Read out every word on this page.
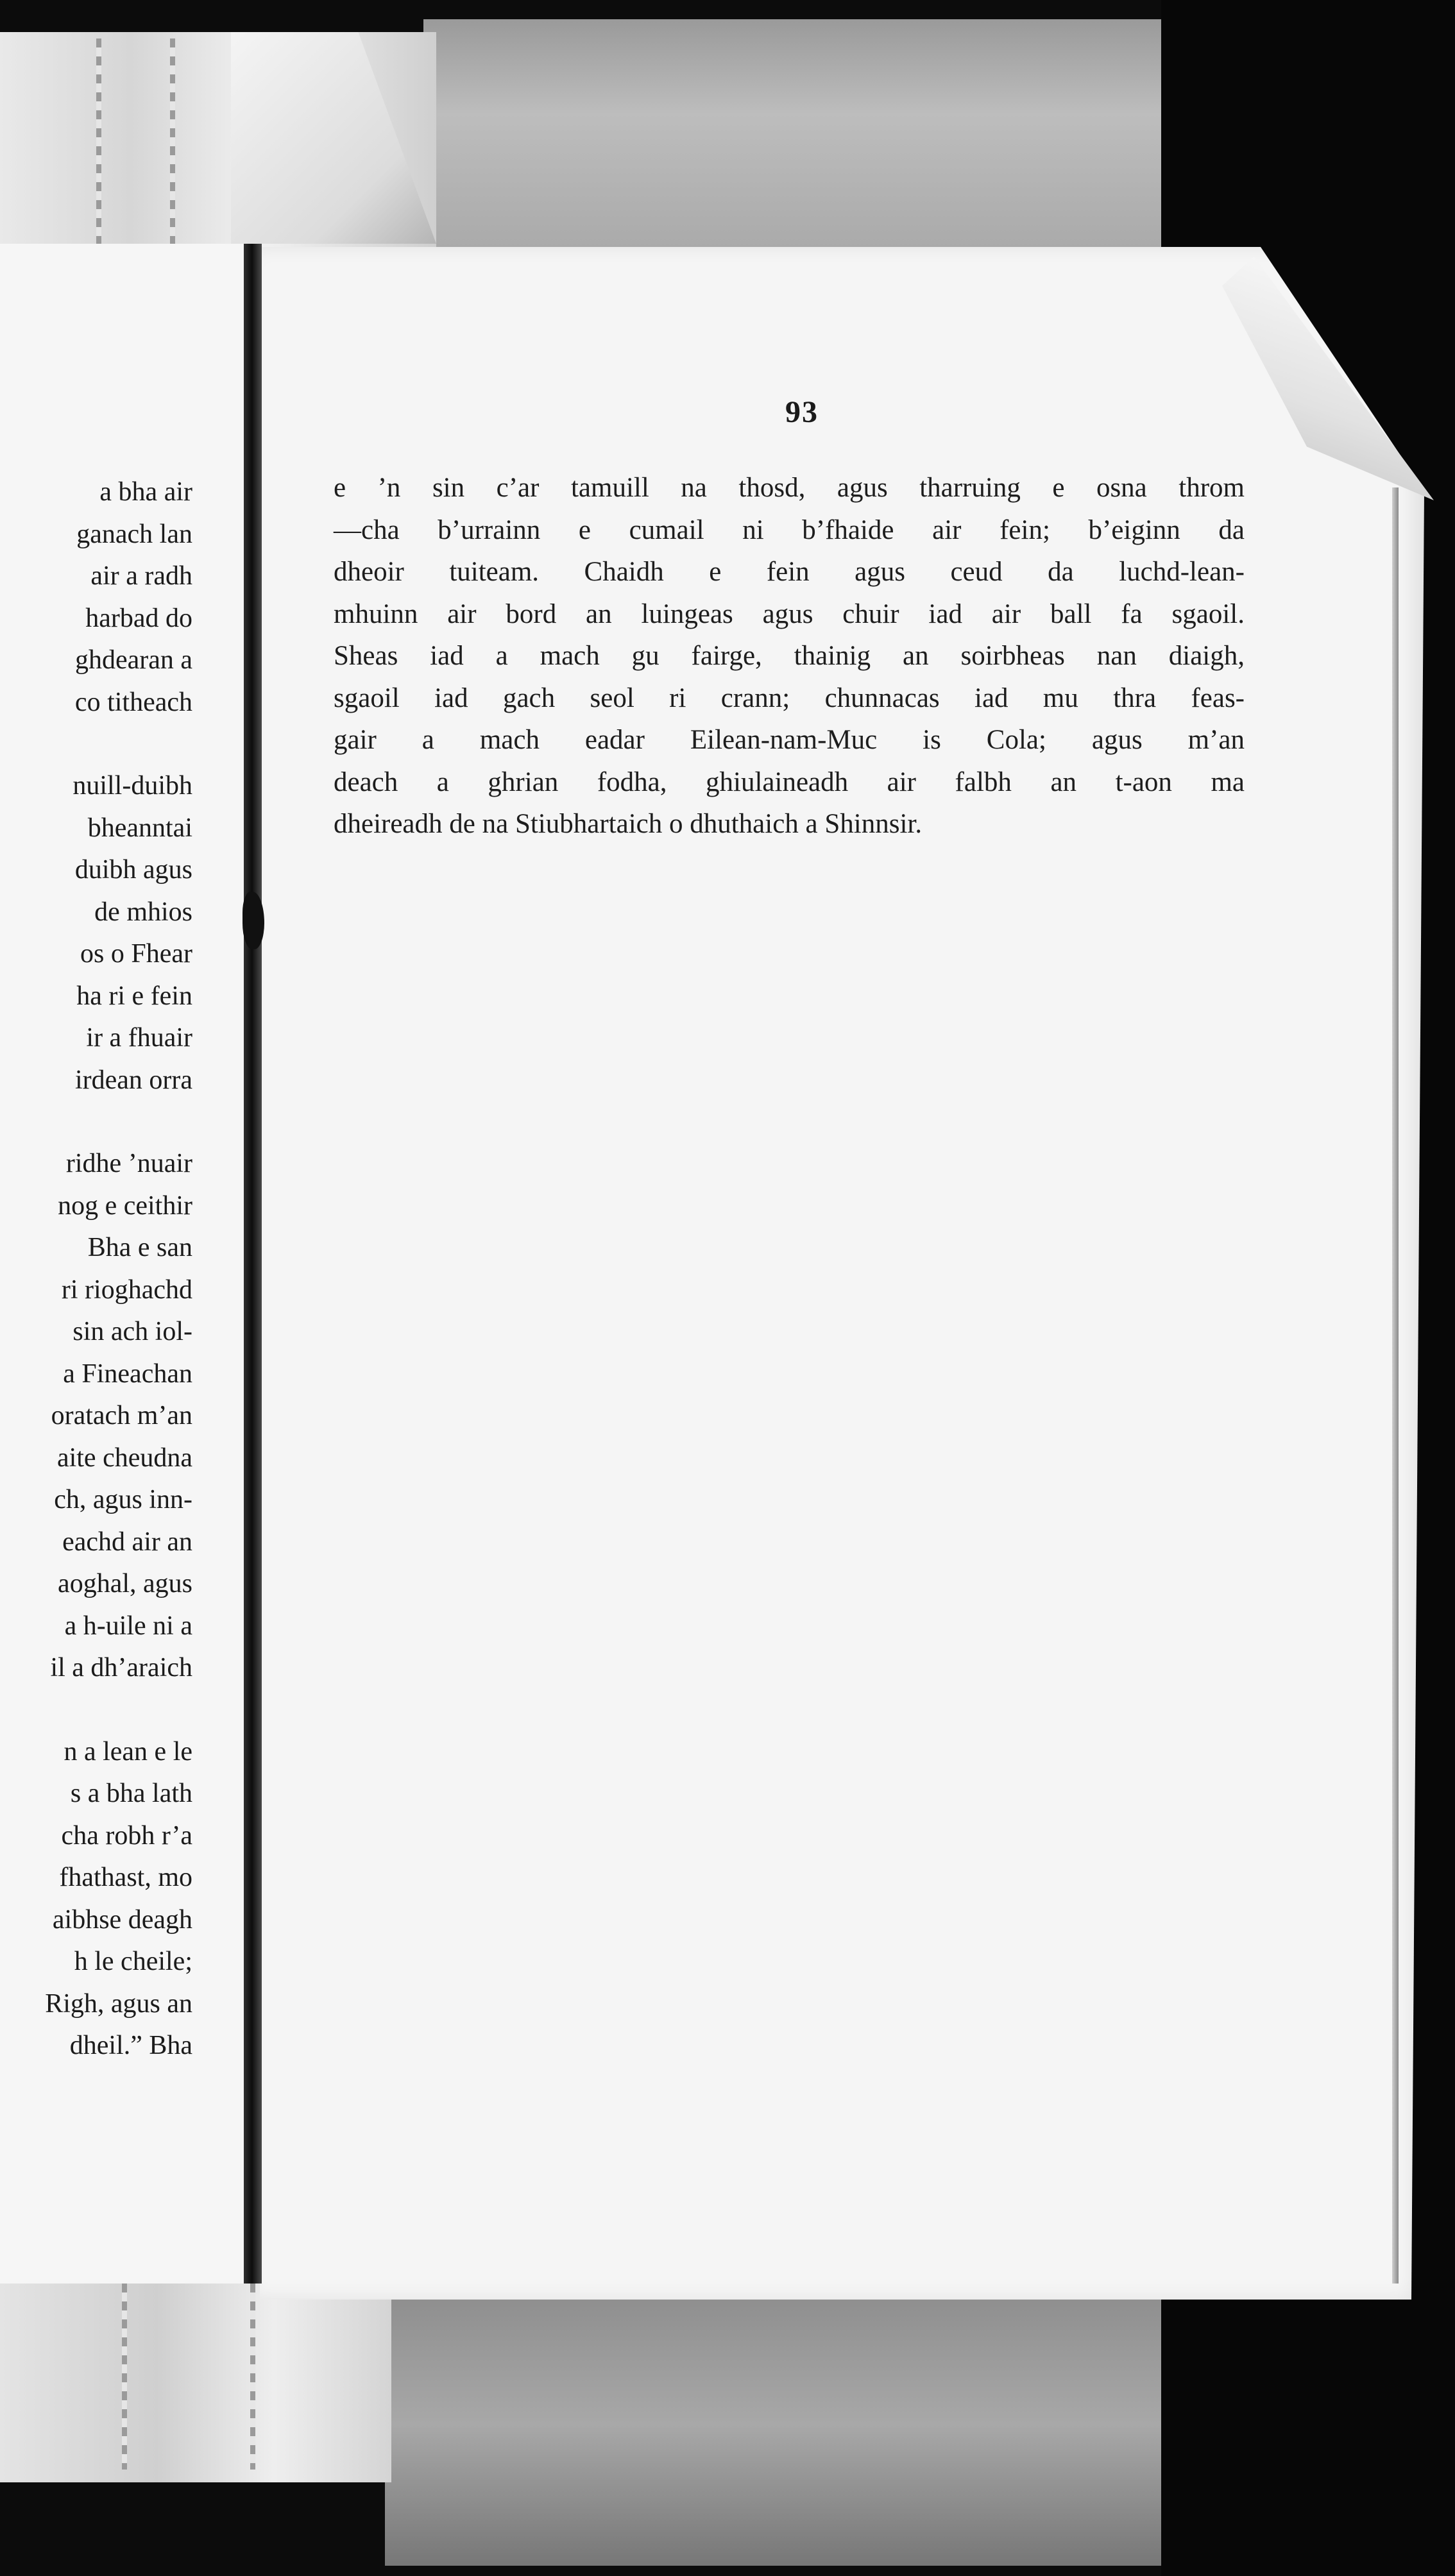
a bha air
ganach lan
air a radh
harbad do
ghdearan a
co titheach
nuill-duibh
bheanntai
duibh agus
de mhios
os o Fhear
ha ri e fein
ir a fhuair
irdean orra
ridhe ’nuair
nog e ceithir
Bha e san
ri rioghachd
sin ach iol-
a Fineachan
oratach m’an
aite cheudna
ch, agus inn-
eachd air an
aoghal, agus
a h-uile ni a
il a dh’araich
n a lean e le
s a bha lath
cha robh r’a
fhathast, mo
aibhse deagh
h le cheile;
Righ, agus an
dheil.” Bha
93
e ’n sin c’ar tamuill na thosd, agus tharruing e osna throm
—cha b’urrainn e cumail ni b’fhaide air fein; b’eiginn da
dheoir tuiteam. Chaidh e fein agus ceud da luchd-lean-
mhuinn air bord an luingeas agus chuir iad air ball fa sgaoil.
Sheas iad a mach gu fairge, thainig an soirbheas nan diaigh,
sgaoil iad gach seol ri crann; chunnacas iad mu thra feas-
gair a mach eadar Eilean-nam-Muc is Cola; agus m’an
deach a ghrian fodha, ghiulaineadh air falbh an t-aon ma
dheireadh de na Stiubhartaich o dhuthaich a Shinnsir.
